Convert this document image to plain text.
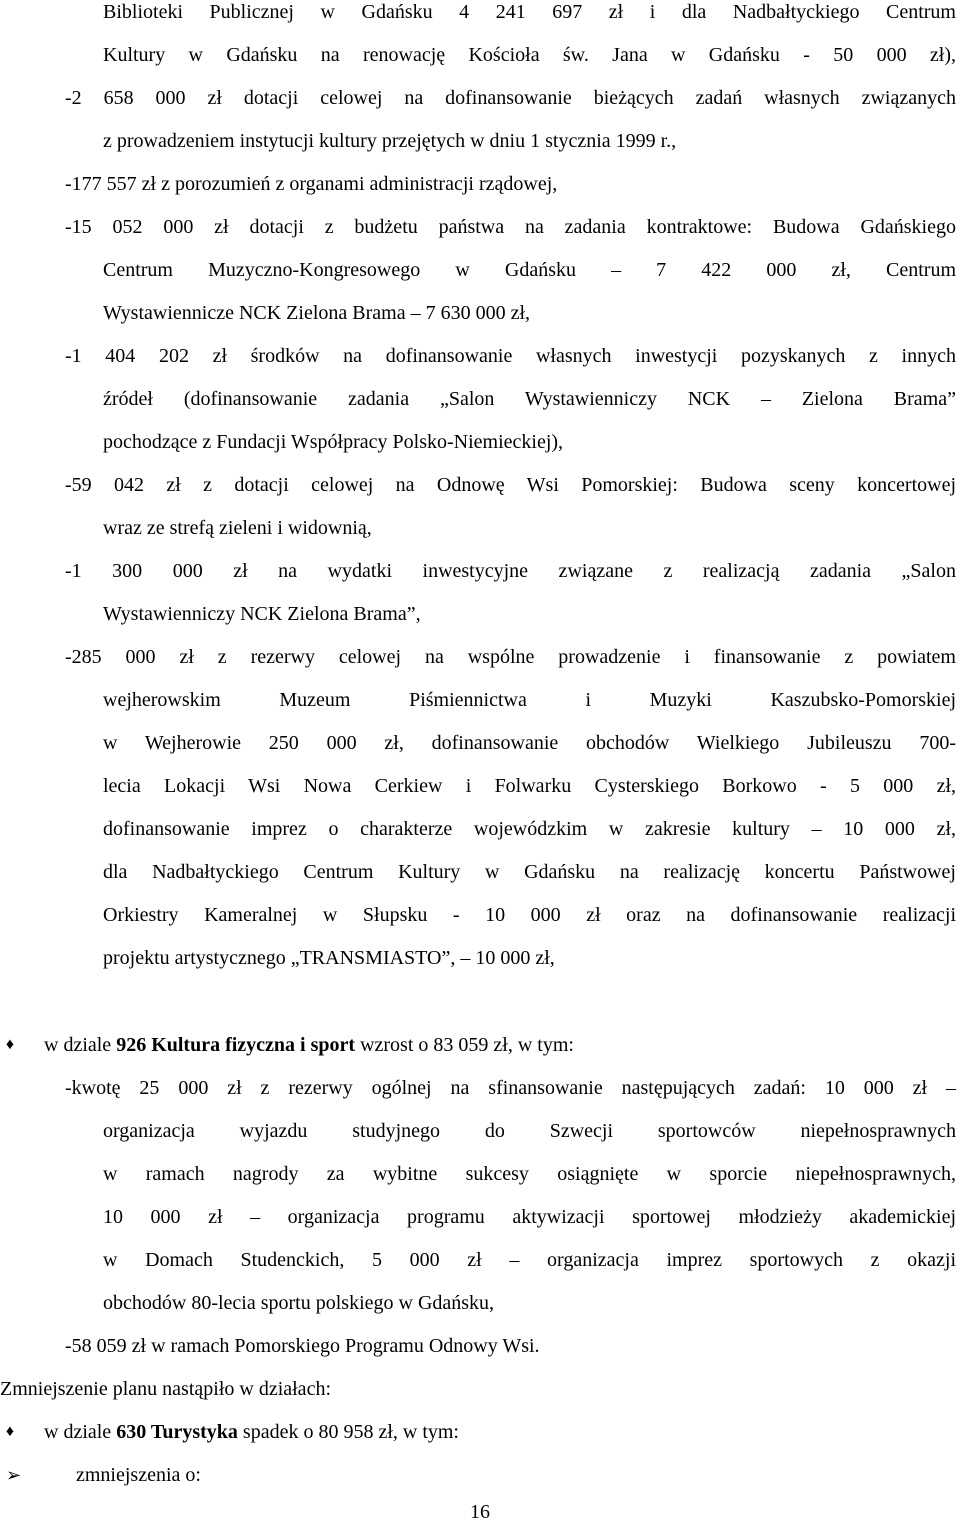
Biblioteki Publicznej w Gdańsku 4 241 697 zł i dla Nadbałtyckiego Centrum
Kultury w Gdańsku na renowację Kościoła św. Jana w Gdańsku - 50 000 zł),
-2 658 000 zł dotacji celowej na dofinansowanie bieżących zadań własnych związanych
z prowadzeniem instytucji kultury przejętych w dniu 1 stycznia 1999 r.,
-177 557 zł z porozumień z organami administracji rządowej,
-15 052 000 zł dotacji z budżetu państwa na zadania kontraktowe: Budowa Gdańskiego
Centrum Muzyczno-Kongresowego w Gdańsku – 7 422 000 zł, Centrum
Wystawiennicze NCK Zielona Brama – 7 630 000 zł,
-1 404 202 zł środków na dofinansowanie własnych inwestycji pozyskanych z innych
źródeł (dofinansowanie zadania „Salon Wystawienniczy NCK – Zielona Brama”
pochodzące z Fundacji Współpracy Polsko-Niemieckiej),
-59 042 zł z dotacji celowej na Odnowę Wsi Pomorskiej: Budowa sceny koncertowej
wraz ze strefą zieleni i widownią,
-1 300 000 zł na wydatki inwestycyjne związane z realizacją zadania „Salon
Wystawienniczy NCK Zielona Brama”,
-285 000 zł z rezerwy celowej na wspólne prowadzenie i finansowanie z powiatem
wejherowskim Muzeum Piśmiennictwa i Muzyki Kaszubsko-Pomorskiej
w Wejherowie 250 000 zł, dofinansowanie obchodów Wielkiego Jubileuszu 700-
lecia Lokacji Wsi Nowa Cerkiew i Folwarku Cysterskiego Borkowo - 5 000 zł,
dofinansowanie imprez o charakterze wojewódzkim w zakresie kultury – 10 000 zł,
dla Nadbałtyckiego Centrum Kultury w Gdańsku na realizację koncertu Państwowej
Orkiestry Kameralnej w Słupsku - 10 000 zł oraz na dofinansowanie realizacji
projektu artystycznego „TRANSMIASTO”, – 10 000 zł,
♦ w dziale 926 Kultura fizyczna i sport wzrost o 83 059 zł, w tym:
-kwotę 25 000 zł z rezerwy ogólnej na sfinansowanie następujących zadań: 10 000 zł –
organizacja wyjazdu studyjnego do Szwecji sportowców niepełnosprawnych
w ramach nagrody za wybitne sukcesy osiągnięte w sporcie niepełnosprawnych,
10 000 zł – organizacja programu aktywizacji sportowej młodzieży akademickiej
w Domach Studenckich, 5 000 zł – organizacja imprez sportowych z okazji
obchodów 80-lecia sportu polskiego w Gdańsku,
-58 059 zł w ramach Pomorskiego Programu Odnowy Wsi.
Zmniejszenie planu nastąpiło w działach:
♦ w dziale 630 Turystyka spadek o 80 958 zł, w tym:
➢	zmniejszenia o:
16
